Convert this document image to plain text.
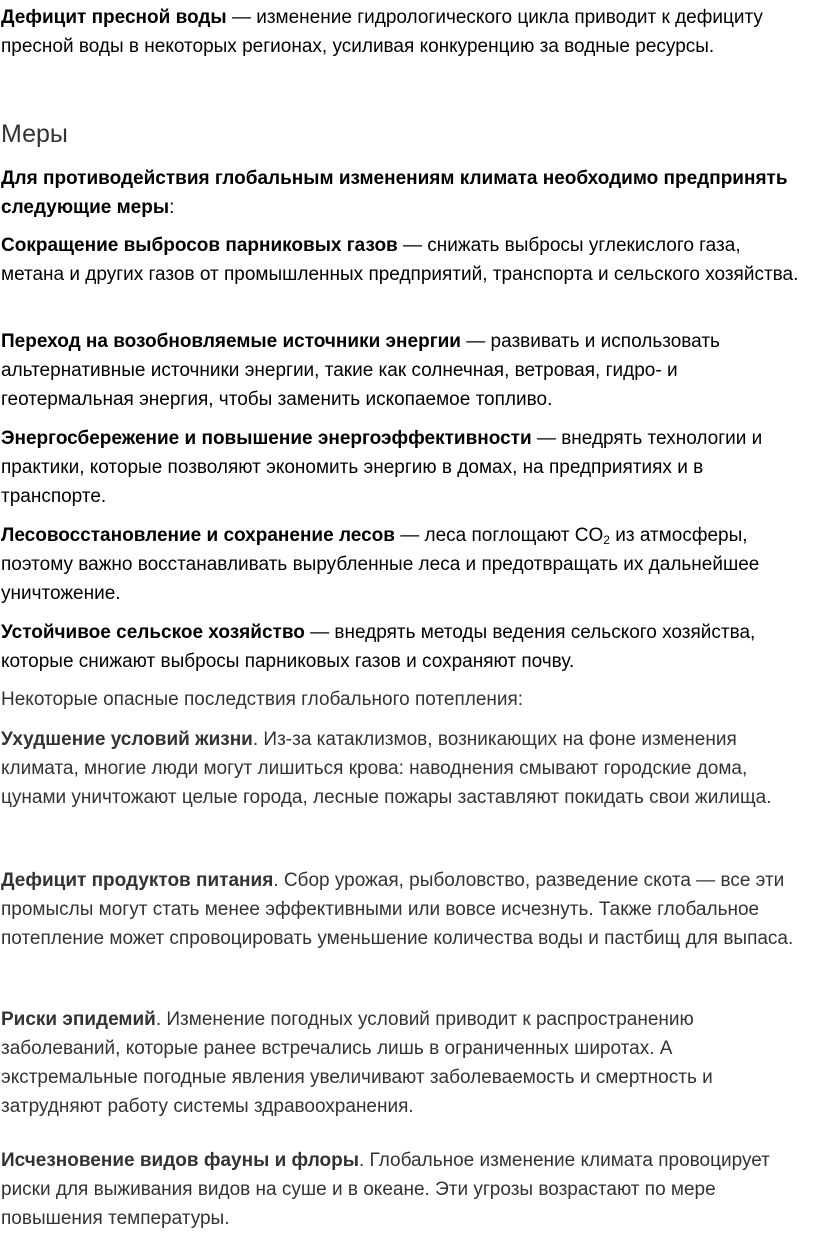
Дефицит пресной воды — изменение гидрологического цикла приводит к дефициту пресной воды в некоторых регионах, усиливая конкуренцию за водные ресурсы.

Меры

Для противодействия глобальным изменениям климата необходимо предпринять следующие меры:

Сокращение выбросов парниковых газов — снижать выбросы углекислого газа, метана и других газов от промышленных предприятий, транспорта и сельского хозяйства.

Переход на возобновляемые источники энергии — развивать и использовать альтернативные источники энергии, такие как солнечная, ветровая, гидро- и геотермальная энергия, чтобы заменить ископаемое топливо.

Энергосбережение и повышение энергоэффективности — внедрять технологии и практики, которые позволяют экономить энергию в домах, на предприятиях и в транспорте.

Лесовосстановление и сохранение лесов — леса поглощают $CO_2$ из атмосферы, поэтому важно восстанавливать вырубленные леса и предотвращать их дальнейшее уничтожение.

Устойчивое сельское хозяйство — внедрять методы ведения сельского хозяйства, которые снижают выбросы парниковых газов и сохраняют почву.

Некоторые опасные последствия глобального потепления:

Ухудшение условий жизни. Из-за катаклизмов, возникающих на фоне изменения климата, многие люди могут лишиться крова: наводнения смывают городские дома, цунами уничтожают целые города, лесные пожары заставляют покидать свои жилища.

Дефицит продуктов питания. Сбор урожая, рыболовство, разведение скота — все эти промыслы могут стать менее эффективными или вовсе исчезнуть. Также глобальное потепление может спровоцировать уменьшение количества воды и пастбищ для выпаса.

Риски эпидемий. Изменение погодных условий приводит к распространению заболеваний, которые ранее встречались лишь в ограниченных широтах. А экстремальные погодные явления увеличивают заболеваемость и смертность и затрудняют работу системы здравоохранения.

Исчезновение видов фауны и флоры. Глобальное изменение климата провоцирует риски для выживания видов на суше и в океане. Эти угрозы возрастают по мере повышения температуры.
